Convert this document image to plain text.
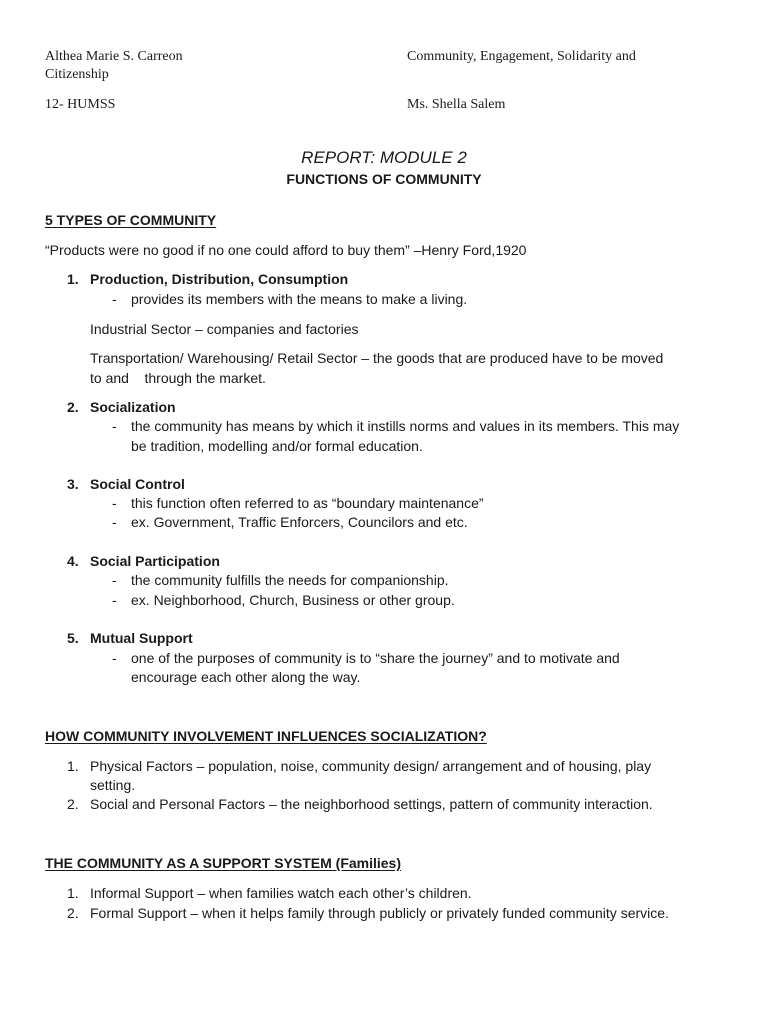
Althea Marie S. Carreon	Community, Engagement, Solidarity and
Citizenship
12- HUMSS	Ms. Shella Salem
REPORT: MODULE 2
FUNCTIONS OF COMMUNITY
5 TYPES OF COMMUNITY
“Products were no good if no one could afford to buy them” –Henry Ford,1920
1. Production, Distribution, Consumption
- provides its members with the means to make a living.
Industrial Sector – companies and factories
Transportation/ Warehousing/ Retail Sector – the goods that are produced have to be moved
to and    through the market.
2. Socialization
- the community has means by which it instills norms and values in its members. This may
be tradition, modelling and/or formal education.
3. Social Control
- this function often referred to as “boundary maintenance”
- ex. Government, Traffic Enforcers, Councilors and etc.
4. Social Participation
- the community fulfills the needs for companionship.
- ex. Neighborhood, Church, Business or other group.
5. Mutual Support
- one of the purposes of community is to “share the journey” and to motivate and
encourage each other along the way.
HOW COMMUNITY INVOLVEMENT INFLUENCES SOCIALIZATION?
1. Physical Factors – population, noise, community design/ arrangement and of housing, play
setting.
2. Social and Personal Factors – the neighborhood settings, pattern of community interaction.
THE COMMUNITY AS A SUPPORT SYSTEM (Families)
1. Informal Support – when families watch each other’s children.
2. Formal Support – when it helps family through publicly or privately funded community service.
